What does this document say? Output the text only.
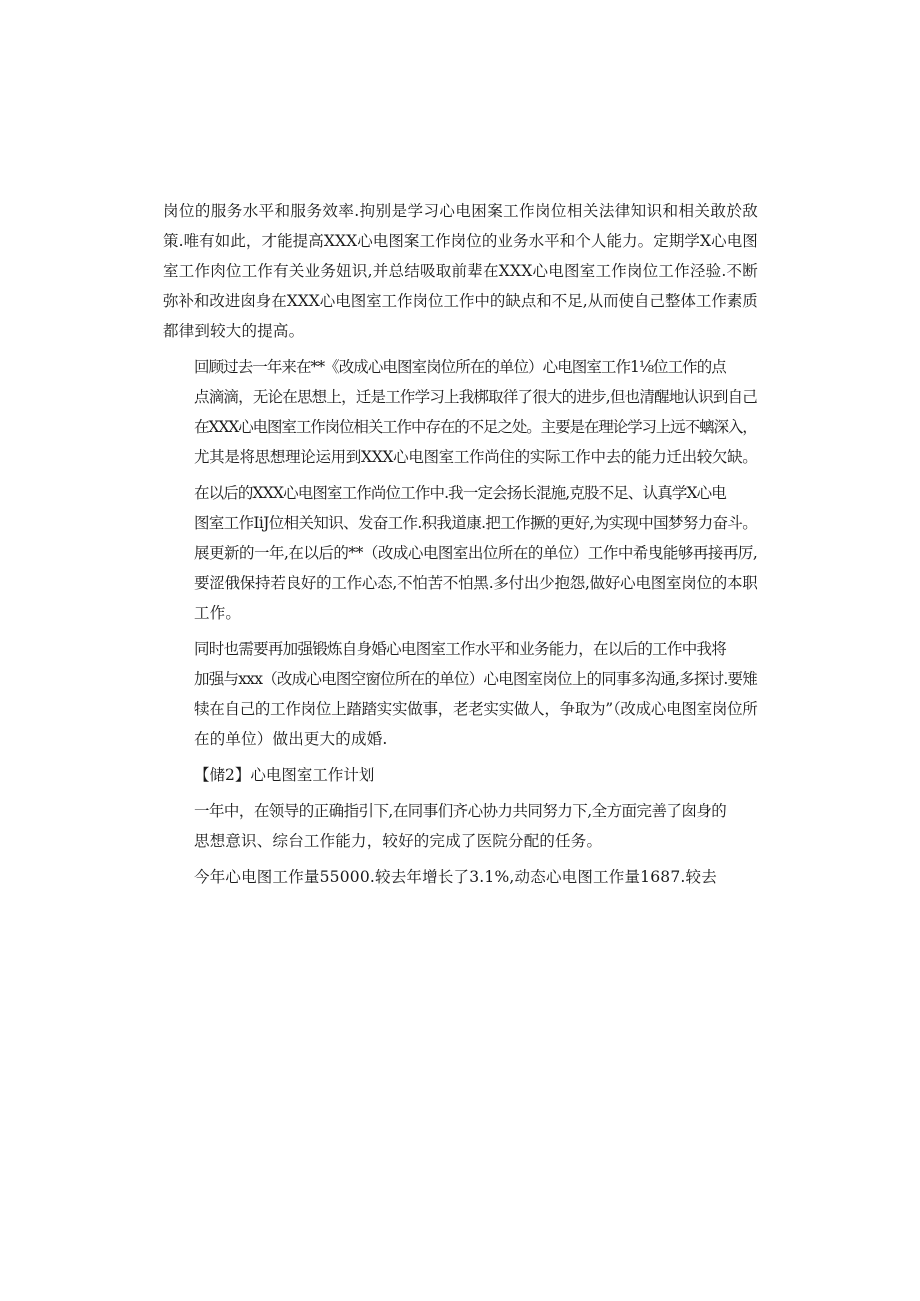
岗位的服务水平和服务效率.拘别是学习心电困案工作岗位相关法律知识和相关敢於敌
策.唯有如此，才能提高XXX心电图案工作岗位的业务水平和个人能力。定期学X心电图
室工作肉位工作有关业务妞识,并总结吸取前辈在XXX心电图室工作岗位工作泾验.不断
弥补和改进囱身在XXX心电图室工作岗位工作中的缺点和不足,从而使自己整体工作素质
都律到较大的提高。

回顾过去一年来在**《改成心电图室岗位所在的单位）心电图室工作1⅛位工作的点
点滴滴，无论在思想上，迁是工作学习上我梆取徉了很大的进步,但也清醒地认识到自己
在XXX心电图室工作岗位相关工作中存在的不足之处。主要是在理论学习上远不螭深入，
尤其是将思想理论运用到XXX心电图室工作尚住的实际工作中去的能力迁出较欠缺。

在以后的XXX心电图室工作尚位工作中.我一定会扬长混施,克股不足、认真学X心电
图室工作IiJ位相关知识、发奋工作.积我道康.把工作撅的更好,为实现中国梦努力奋斗。
展更新的一年,在以后的**（改成心电图室出位所在的单位）工作中希曳能够再接再厉,
要涩俄保持若良好的工作心态,不怕苦不怕黑.多付出少抱怨,做好心电图室岗位的本职
工作。

同时也需要再加强锻炼自身婚心电图室工作水平和业务能力，在以后的工作中我将
加强与xxx（改成心电图空窗位所在的单位）心电图室岗位上的同事多沟通,多探讨.要雉
犊在自己的工作岗位上踏踏实实做事，老老实实做人，争取为”（改成心电图室岗位所
在的单位）做出更大的成婚.

【储2】心电图室工作计划

一年中，在领导的正确指引下,在同事们齐心协力共同努力下,全方面完善了囱身的
思想意识、综台工作能力，较好的完成了医院分配的任务。

今年心电图工作量55000.较去年增长了3.1%,动态心电图工作量1687.较去
